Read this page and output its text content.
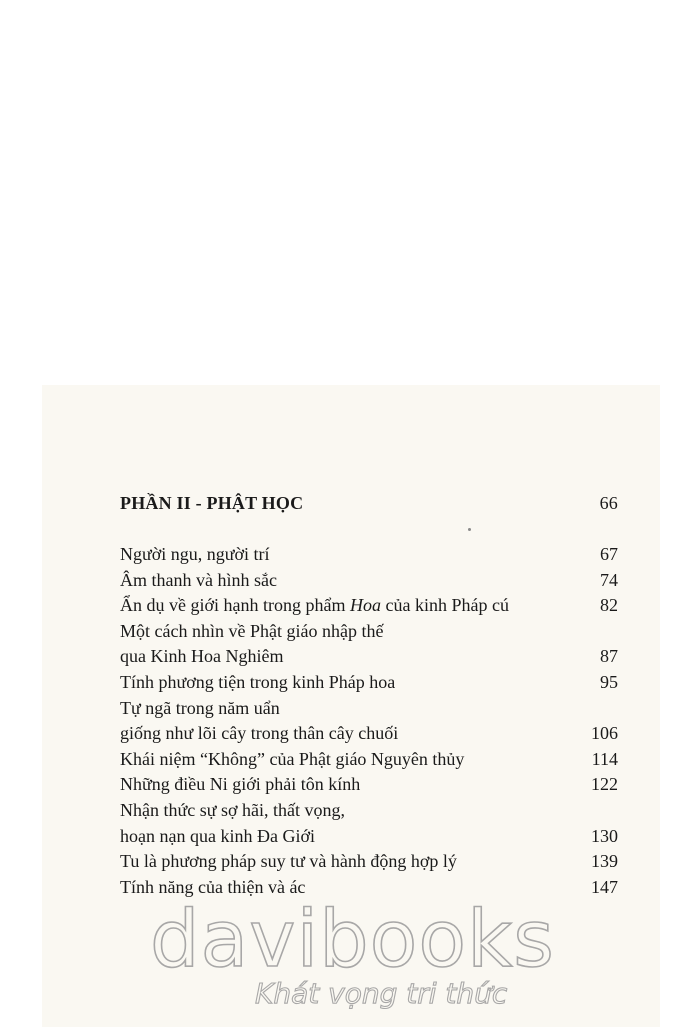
PHẦN II - PHẬT HỌC	66
Người ngu, người trí	67
Âm thanh và hình sắc	74
Ẩn dụ về giới hạnh trong phẩm Hoa của kinh Pháp cú	82
Một cách nhìn về Phật giáo nhập thế
qua Kinh Hoa Nghiêm	87
Tính phương tiện trong kinh Pháp hoa	95
Tự ngã trong năm uẩn
giống như lõi cây trong thân cây chuối	106
Khái niệm “Không” của Phật giáo Nguyên thủy	114
Những điều Ni giới phải tôn kính	122
Nhận thức sự sợ hãi, thất vọng,
hoạn nạn qua kinh Đa Giới	130
Tu là phương pháp suy tư và hành động hợp lý	139
Tính năng của thiện và ác	147
davibooks
Khát vọng tri thức
